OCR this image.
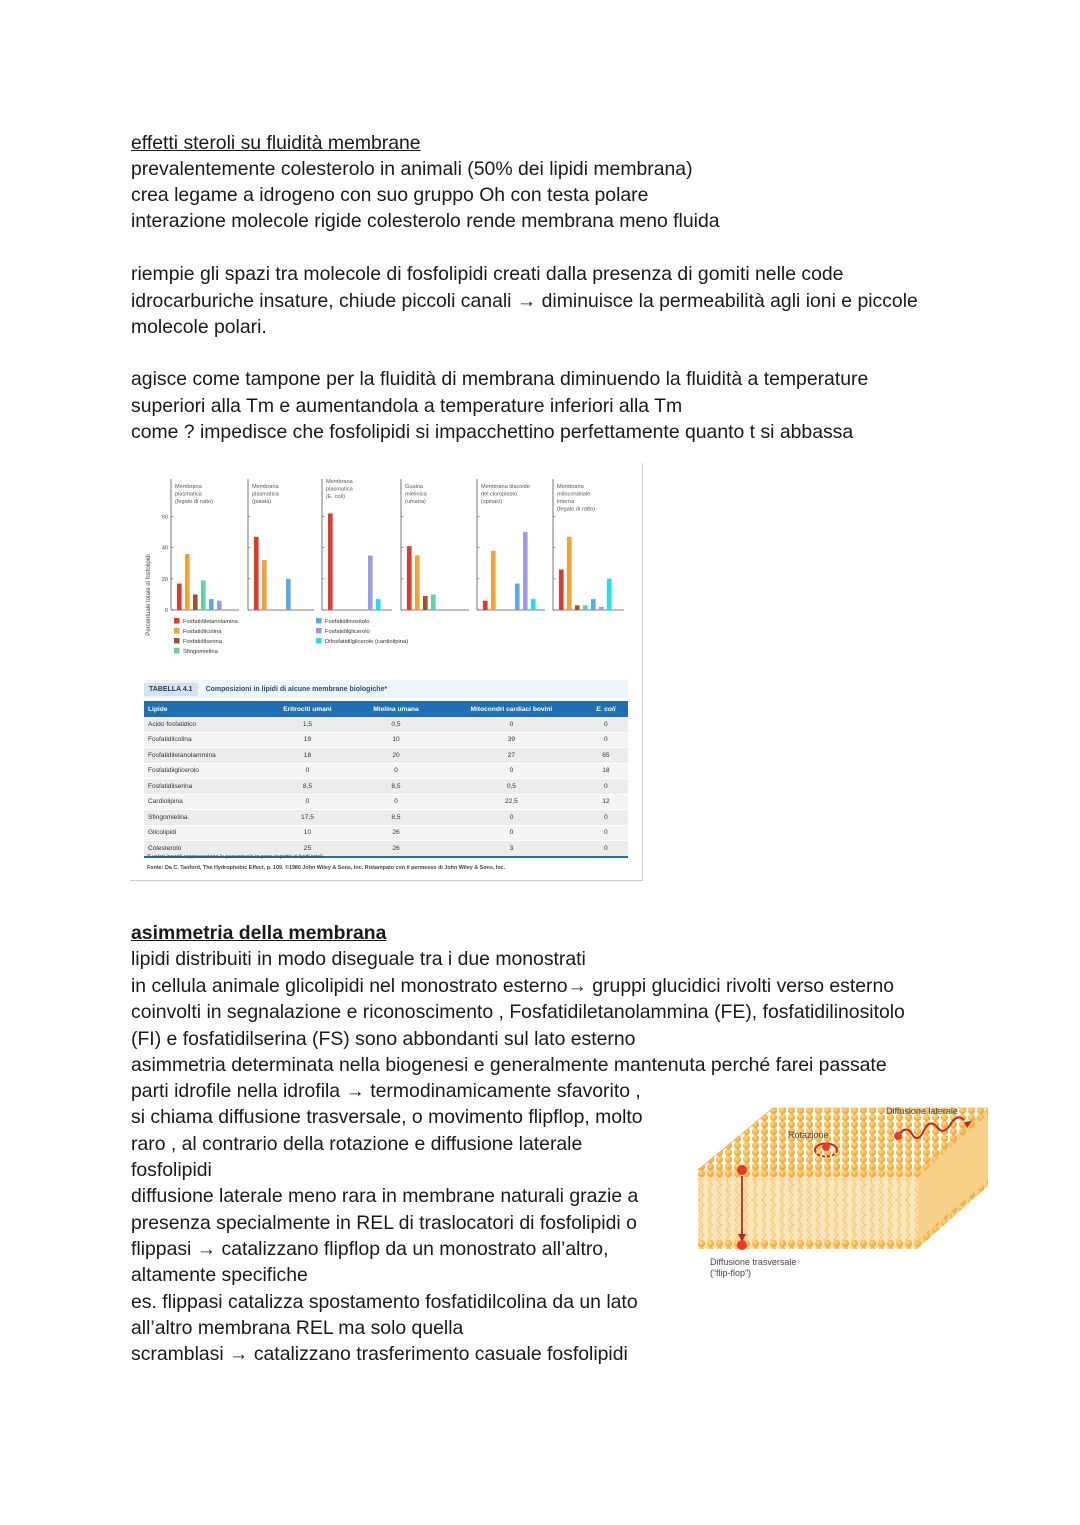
effetti steroli su fluidità membrane

prevalentemente colesterolo in animali (50% dei lipidi membrana)

crea legame a idrogeno con suo gruppo Oh con testa polare

interazione molecole rigide colesterolo rende membrana meno fluida

riempie gli spazi tra molecole di fosfolipidi creati dalla presenza di gomiti nelle code

idrocarburiche insature, chiude piccoli canali → diminuisce la permeabilità agli ioni e piccole

molecole polari.

agisce come tampone per la fluidità di membrana diminuendo la fluidità a temperature

superiori alla Tm e aumentandola a temperature inferiori alla Tm

come ? impedisce che fosfolipidi si impacchettino perfettamente quanto t si abbassa

Percentuale totale di fosfolipidi 0
20
40
60
Membrana
plasmatica
(fegato di ratto)
Membrana
plasmatica
(patata)
Membrana
plasmatica
(E. coli)
Guaina
mielinica
(umana)
Membrana tilacoide
del cloroplasto
(spinaci)
Membrana
mitocondriale
interna
(fegato di ratto)
Fosfatidiletanolamina
Fosfatidilcolina
Fosfatidilserina
Sfingomielina
Fosfatidilinositolo
Fosfatidilglicerolo
Difosfatidilglicerolo (cardiolipina)
TABELLA 4.1	Composizioni in lipidi di alcune membrane biologiche*
Lipide	Eritrociti umani	Mielina umana	Mitocondri cardiaci bovini	E. coli
Acido fosfatidico	1,5	0,5	0	0
Fosfatidilcolina	19	10	39	0
Fosfatidiletanolammina	18	20	27	65
Fosfatidilglicerolo	0	0	0	18
Fosfatidilserina	8,5	8,5	0,5	0
Cardiolipina	0	0	22,5	12
Sfingomielina	17,5	8,5	0	0
Glicolipidi	10	26	0	0
Colesterolo	25	26	3	0
*I valori inseriti rappresentano la percentuale in peso rispetto ai lipidi totali.
Fonte: Da C. Tanford, The Hydrophobic Effect, p. 109. ©1980 John Wiley & Sons, Inc. Ristampato con il permesso di John Wiley & Sons, Inc.

asimmetria della membrana

lipidi distribuiti in modo diseguale tra i due monostrati

in cellula animale glicolipidi nel monostrato esterno→ gruppi glucidici rivolti verso esterno

coinvolti in segnalazione e riconoscimento , Fosfatidiletanolammina (FE), fosfatidilinositolo

(FI) e fosfatidilserina (FS) sono abbondanti sul lato esterno

asimmetria determinata nella biogenesi e generalmente mantenuta perché farei passate

parti idrofile nella idrofila → termodinamicamente sfavorito ,

si chiama diffusione trasversale, o movimento flipflop, molto

raro , al contrario della rotazione e diffusione laterale

fosfolipidi

diffusione laterale meno rara in membrane naturali grazie a

presenza specialmente in REL di traslocatori di fosfolipidi o

flippasi → catalizzano flipflop da un monostrato all’altro,

altamente specifiche

es. flippasi catalizza spostamento fosfatidilcolina da un lato

all’altro membrana REL ma solo quella

scramblasi → catalizzano trasferimento casuale fosfolipidi

Diffusione laterale
Rotazione
Diffusione trasversale
(“flip-flop”)
